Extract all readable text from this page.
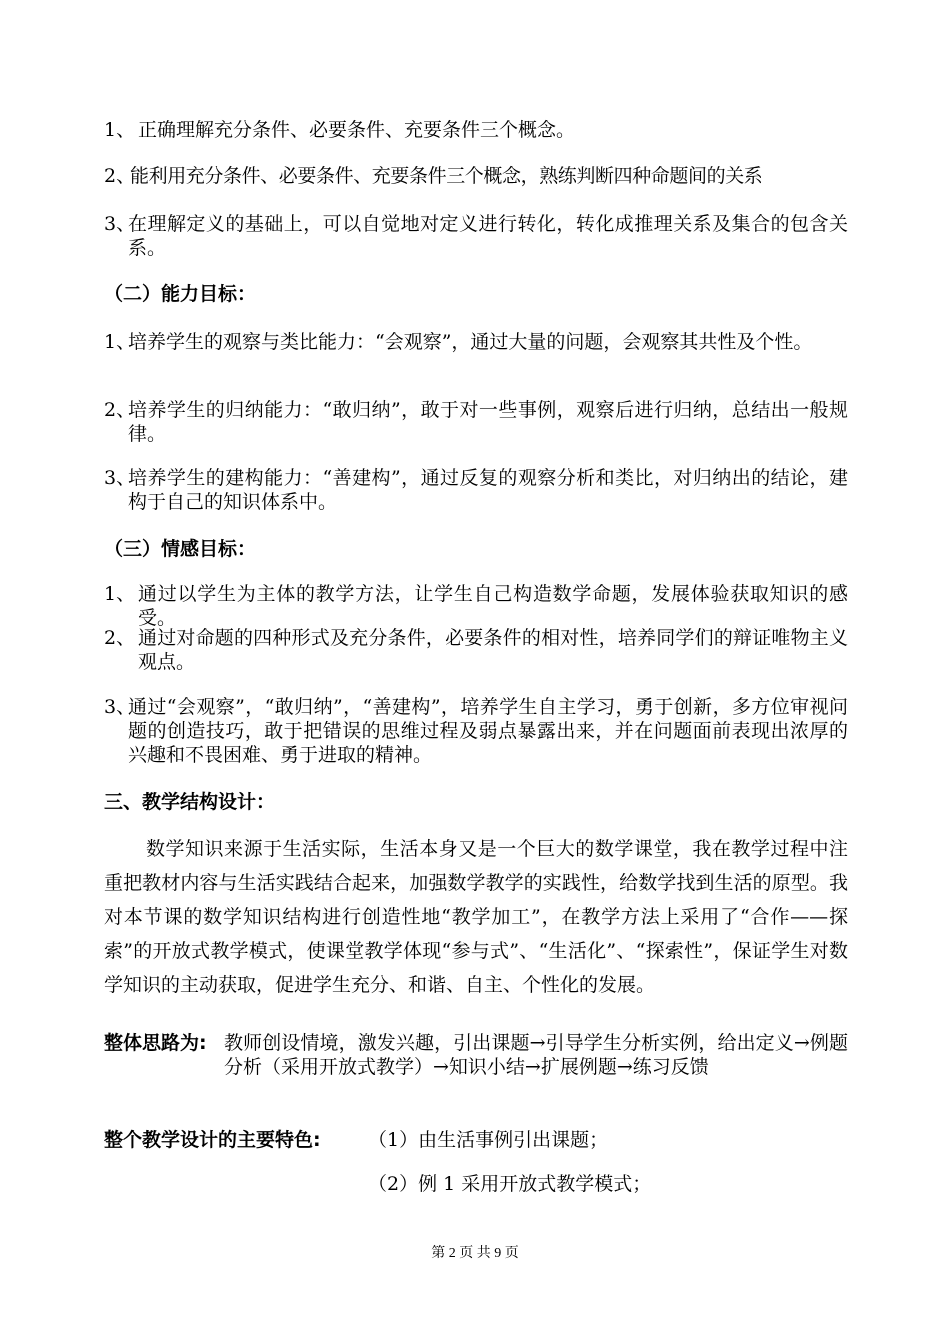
1、 正确理解充分条件、必要条件、充要条件三个概念。
2、
能利用充分条件、必要条件、充要条件三个概念，熟练判断四种命题间的关系
3、
在理解定义的基础上，可以自觉地对定义进行转化，转化成推理关系及集合的包含关系。
（二）能力目标：
1、
培养学生的观察与类比能力：“会观察”，通过大量的问题，会观察其共性及个性。
2、
培养学生的归纳能力：“敢归纳”，敢于对一些事例，观察后进行归纳，总结出一般规律。
3、
培养学生的建构能力：“善建构”，通过反复的观察分析和类比，对归纳出的结论，建构于自己的知识体系中。
（三）情感目标：
1、 通过以学生为主体的教学方法，让学生自己构造数学命题，发展体验获取知识的感受。
2、 通过对命题的四种形式及充分条件，必要条件的相对性，培养同学们的辩证唯物主义观点。
3、
通过“会观察”，“敢归纳”，“善建构”，培养学生自主学习，勇于创新，多方位审视问题的创造技巧，敢于把错误的思维过程及弱点暴露出来，并在问题面前表现出浓厚的兴趣和不畏困难、勇于进取的精神。
三、教学结构设计：
数学知识来源于生活实际，生活本身又是一个巨大的数学课堂，我在教学过程中注重把教材内容与生活实践结合起来，加强数学教学的实践性，给数学找到生活的原型。我对本节课的数学知识结构进行创造性地“教学加工”，在教学方法上采用了“合作——探索”的开放式教学模式，使课堂教学体现“参与式”、“生活化”、“探索性”，保证学生对数学知识的主动获取，促进学生充分、和谐、自主、个性化的发展。
整体思路为: 教师创设情境，激发兴趣，引出课题→引导学生分析实例，给出定义→例题分析（采用开放式教学）→知识小结→扩展例题→练习反馈
整个教学设计的主要特色: （1）由生活事例引出课题；
（2）例 1 采用开放式教学模式；
第 2 页 共 9 页
